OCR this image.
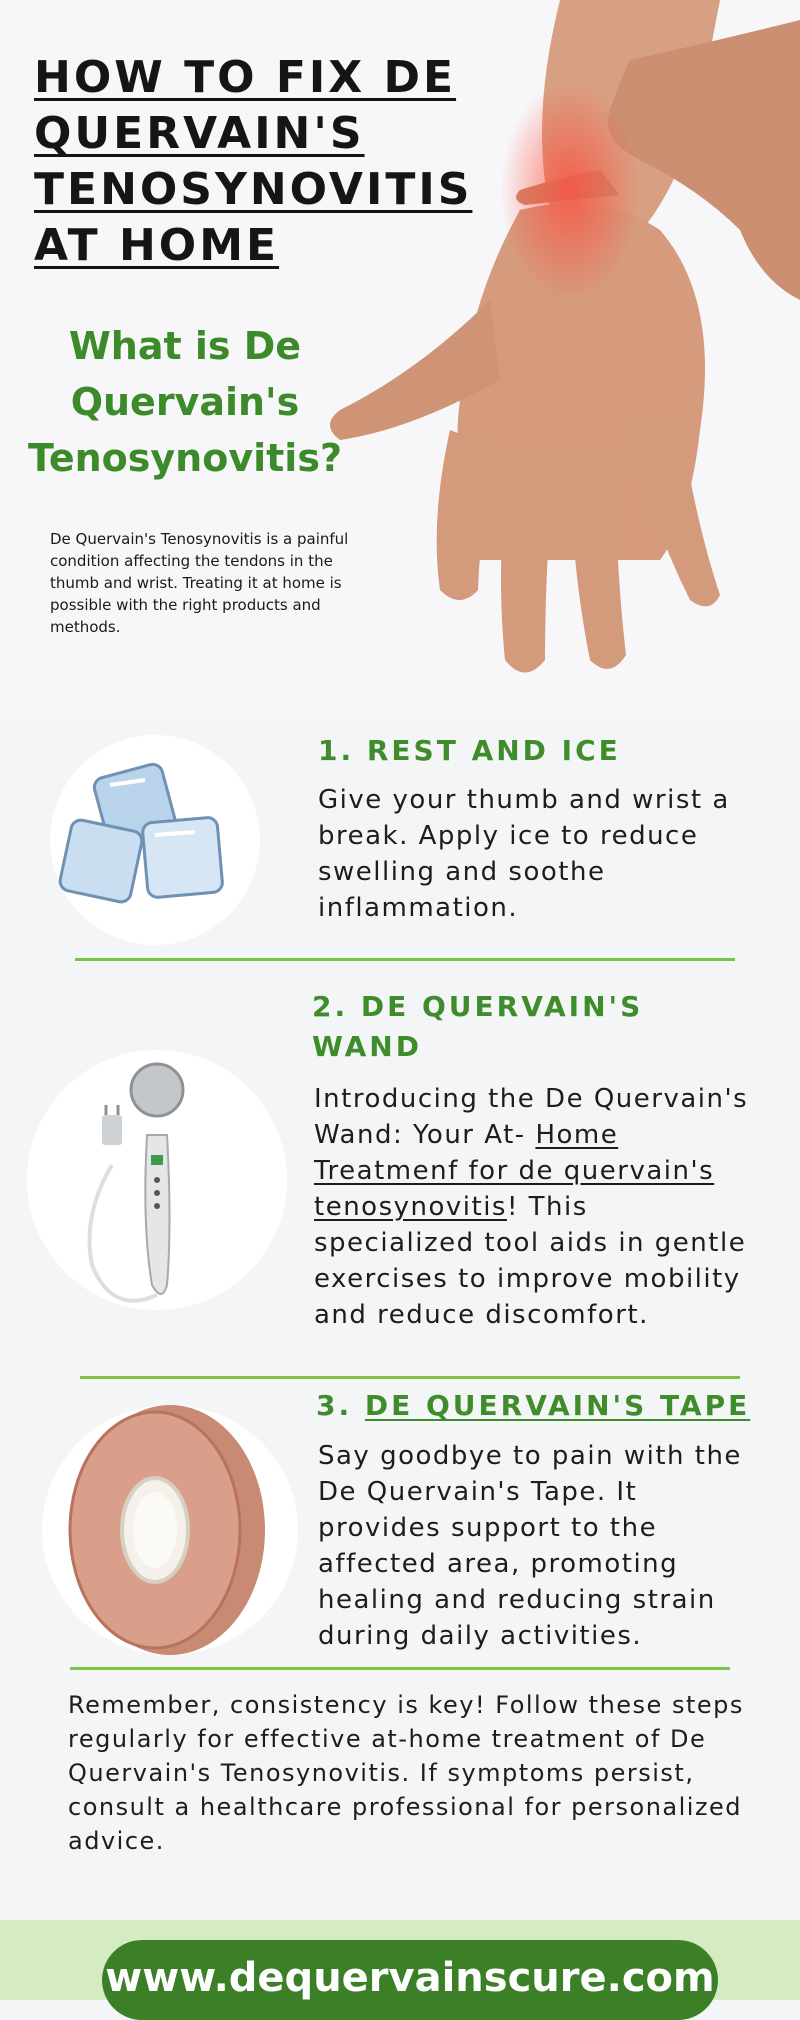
HOW TO FIX DE
QUERVAIN'S
TENOSYNOVITIS
AT HOME
What is De
Quervain's
Tenosynovitis?

De Quervain's Tenosynovitis is a painful condition affecting the tendons in the thumb and wrist. Treating it at home is possible with the right products and methods.

1. REST AND ICE

Give your thumb and wrist a break. Apply ice to reduce swelling and soothe inflammation.

2. DE QUERVAIN'S
WAND

Introducing the De Quervain's Wand: Your At- Home Treatmenf for de quervain's tenosynovitis! This specialized tool aids in gentle exercises to improve mobility and reduce discomfort.

3. DE QUERVAIN'S TAPE

Say goodbye to pain with the De Quervain's Tape. It provides support to the affected area, promoting healing and reducing strain during daily activities.

Remember, consistency is key! Follow these steps regularly for effective at-home treatment of De Quervain's Tenosynovitis. If symptoms persist, consult a healthcare professional for personalized advice.

www.dequervainscure.com
